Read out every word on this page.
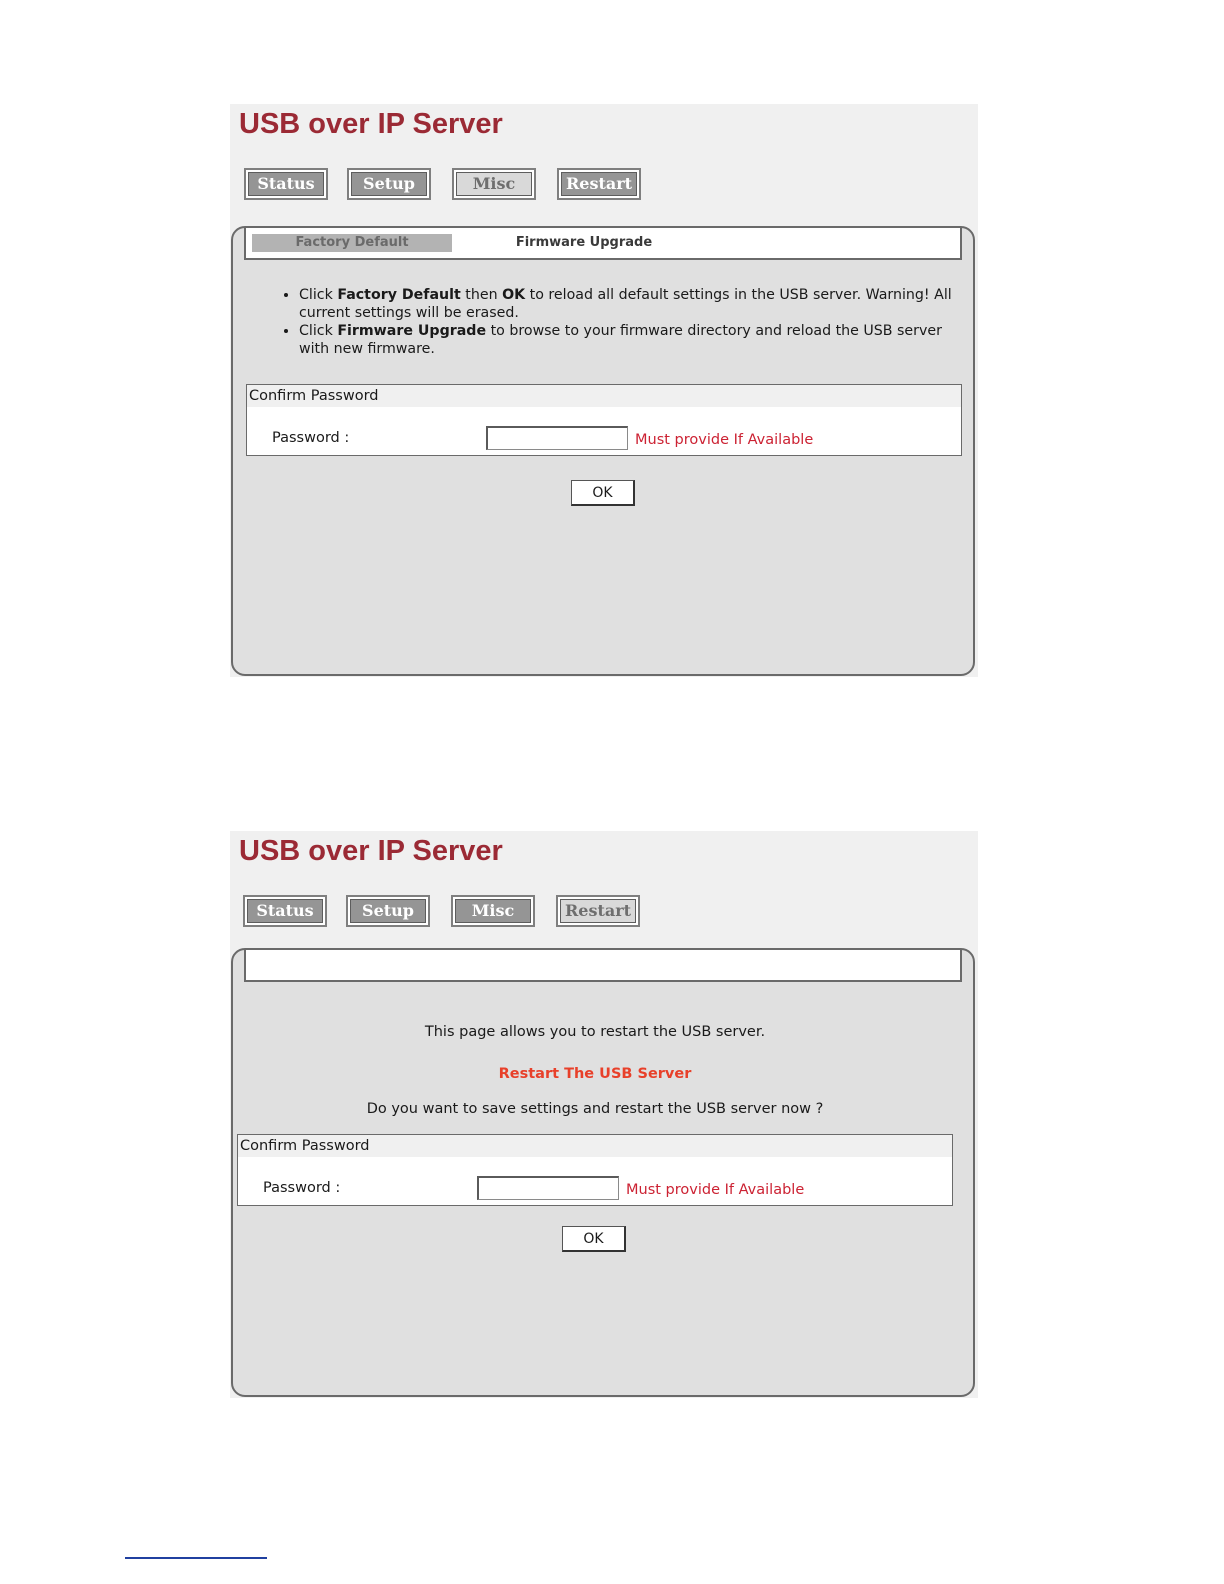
USB over IP Server
Status	Setup	Misc	Restart
Factory Default	Firmware Upgrade
• Click Factory Default then OK to reload all default settings in the USB server. Warning! All current settings will be erased.
• Click Firmware Upgrade to browse to your firmware directory and reload the USB server with new firmware.
Confirm Password
Password :	Must provide If Available
OK
USB over IP Server
Status	Setup	Misc	Restart
This page allows you to restart the USB server.
Restart The USB Server
Do you want to save settings and restart the USB server now ?
Confirm Password
Password :	Must provide If Available
OK
